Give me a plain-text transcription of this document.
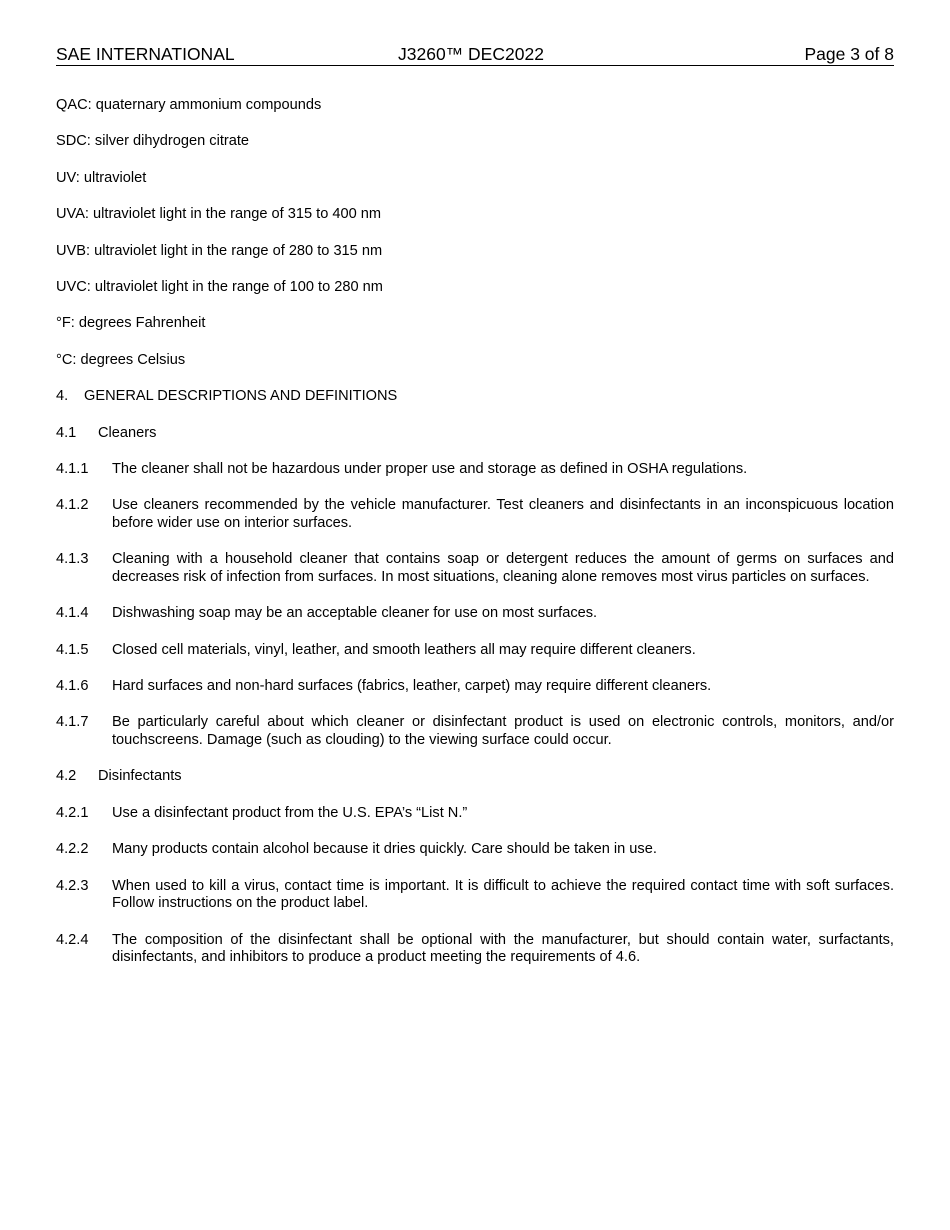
SAE INTERNATIONAL	J3260™ DEC2022	Page 3 of 8
QAC: quaternary ammonium compounds
SDC: silver dihydrogen citrate
UV: ultraviolet
UVA: ultraviolet light in the range of 315 to 400 nm
UVB: ultraviolet light in the range of 280 to 315 nm
UVC: ultraviolet light in the range of 100 to 280 nm
°F: degrees Fahrenheit
°C: degrees Celsius
4. GENERAL DESCRIPTIONS AND DEFINITIONS
4.1 Cleaners
4.1.1	The cleaner shall not be hazardous under proper use and storage as defined in OSHA regulations.
4.1.2	Use cleaners recommended by the vehicle manufacturer. Test cleaners and disinfectants in an inconspicuous location before wider use on interior surfaces.
4.1.3	Cleaning with a household cleaner that contains soap or detergent reduces the amount of germs on surfaces and decreases risk of infection from surfaces. In most situations, cleaning alone removes most virus particles on surfaces.
4.1.4	Dishwashing soap may be an acceptable cleaner for use on most surfaces.
4.1.5	Closed cell materials, vinyl, leather, and smooth leathers all may require different cleaners.
4.1.6	Hard surfaces and non-hard surfaces (fabrics, leather, carpet) may require different cleaners.
4.1.7	Be particularly careful about which cleaner or disinfectant product is used on electronic controls, monitors, and/or touchscreens. Damage (such as clouding) to the viewing surface could occur.
4.2 Disinfectants
4.2.1	Use a disinfectant product from the U.S. EPA’s “List N.”
4.2.2	Many products contain alcohol because it dries quickly. Care should be taken in use.
4.2.3	When used to kill a virus, contact time is important. It is difficult to achieve the required contact time with soft surfaces. Follow instructions on the product label.
4.2.4	The composition of the disinfectant shall be optional with the manufacturer, but should contain water, surfactants, disinfectants, and inhibitors to produce a product meeting the requirements of 4.6.
